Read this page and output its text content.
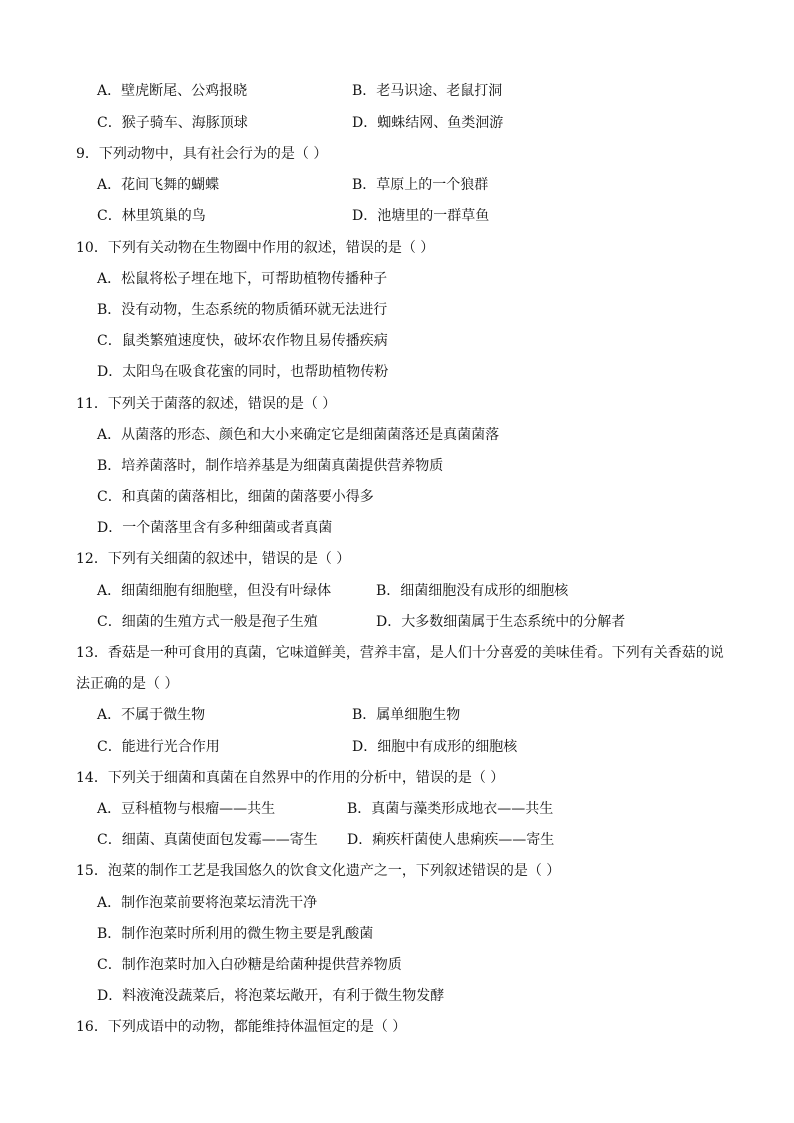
A．壁虎断尾、公鸡报晓	B．老马识途、老鼠打洞
C．猴子骑车、海豚顶球	D．蜘蛛结网、鱼类洄游
9．下列动物中，具有社会行为的是（ ）
A．花间飞舞的蝴蝶	B．草原上的一个狼群
C．林里筑巢的鸟	D．池塘里的一群草鱼
10．下列有关动物在生物圈中作用的叙述，错误的是（ ）
A．松鼠将松子埋在地下，可帮助植物传播种子
B．没有动物，生态系统的物质循环就无法进行
C．鼠类繁殖速度快，破坏农作物且易传播疾病
D．太阳鸟在吸食花蜜的同时，也帮助植物传粉
11．下列关于菌落的叙述，错误的是（ ）
A．从菌落的形态、颜色和大小来确定它是细菌菌落还是真菌菌落
B．培养菌落时，制作培养基是为细菌真菌提供营养物质
C．和真菌的菌落相比，细菌的菌落要小得多
D．一个菌落里含有多种细菌或者真菌
12．下列有关细菌的叙述中，错误的是（ ）
A．细菌细胞有细胞壁，但没有叶绿体	B．细菌细胞没有成形的细胞核
C．细菌的生殖方式一般是孢子生殖	D．大多数细菌属于生态系统中的分解者
13．香菇是一种可食用的真菌，它味道鲜美，营养丰富，是人们十分喜爱的美味佳肴。下列有关香菇的说
法正确的是（ ）
A．不属于微生物	B．属单细胞生物
C．能进行光合作用	D．细胞中有成形的细胞核
14．下列关于细菌和真菌在自然界中的作用的分析中，错误的是（ ）
A．豆科植物与根瘤——共生	B．真菌与藻类形成地衣——共生
C．细菌、真菌使面包发霉——寄生 D．痢疾杆菌使人患痢疾——寄生
15．泡菜的制作工艺是我国悠久的饮食文化遗产之一，下列叙述错误的是（ ）
A．制作泡菜前要将泡菜坛清洗干净
B．制作泡菜时所利用的微生物主要是乳酸菌
C．制作泡菜时加入白砂糖是给菌种提供营养物质
D．料液淹没蔬菜后，将泡菜坛敞开，有利于微生物发酵
16．下列成语中的动物，都能维持体温恒定的是（ ）
